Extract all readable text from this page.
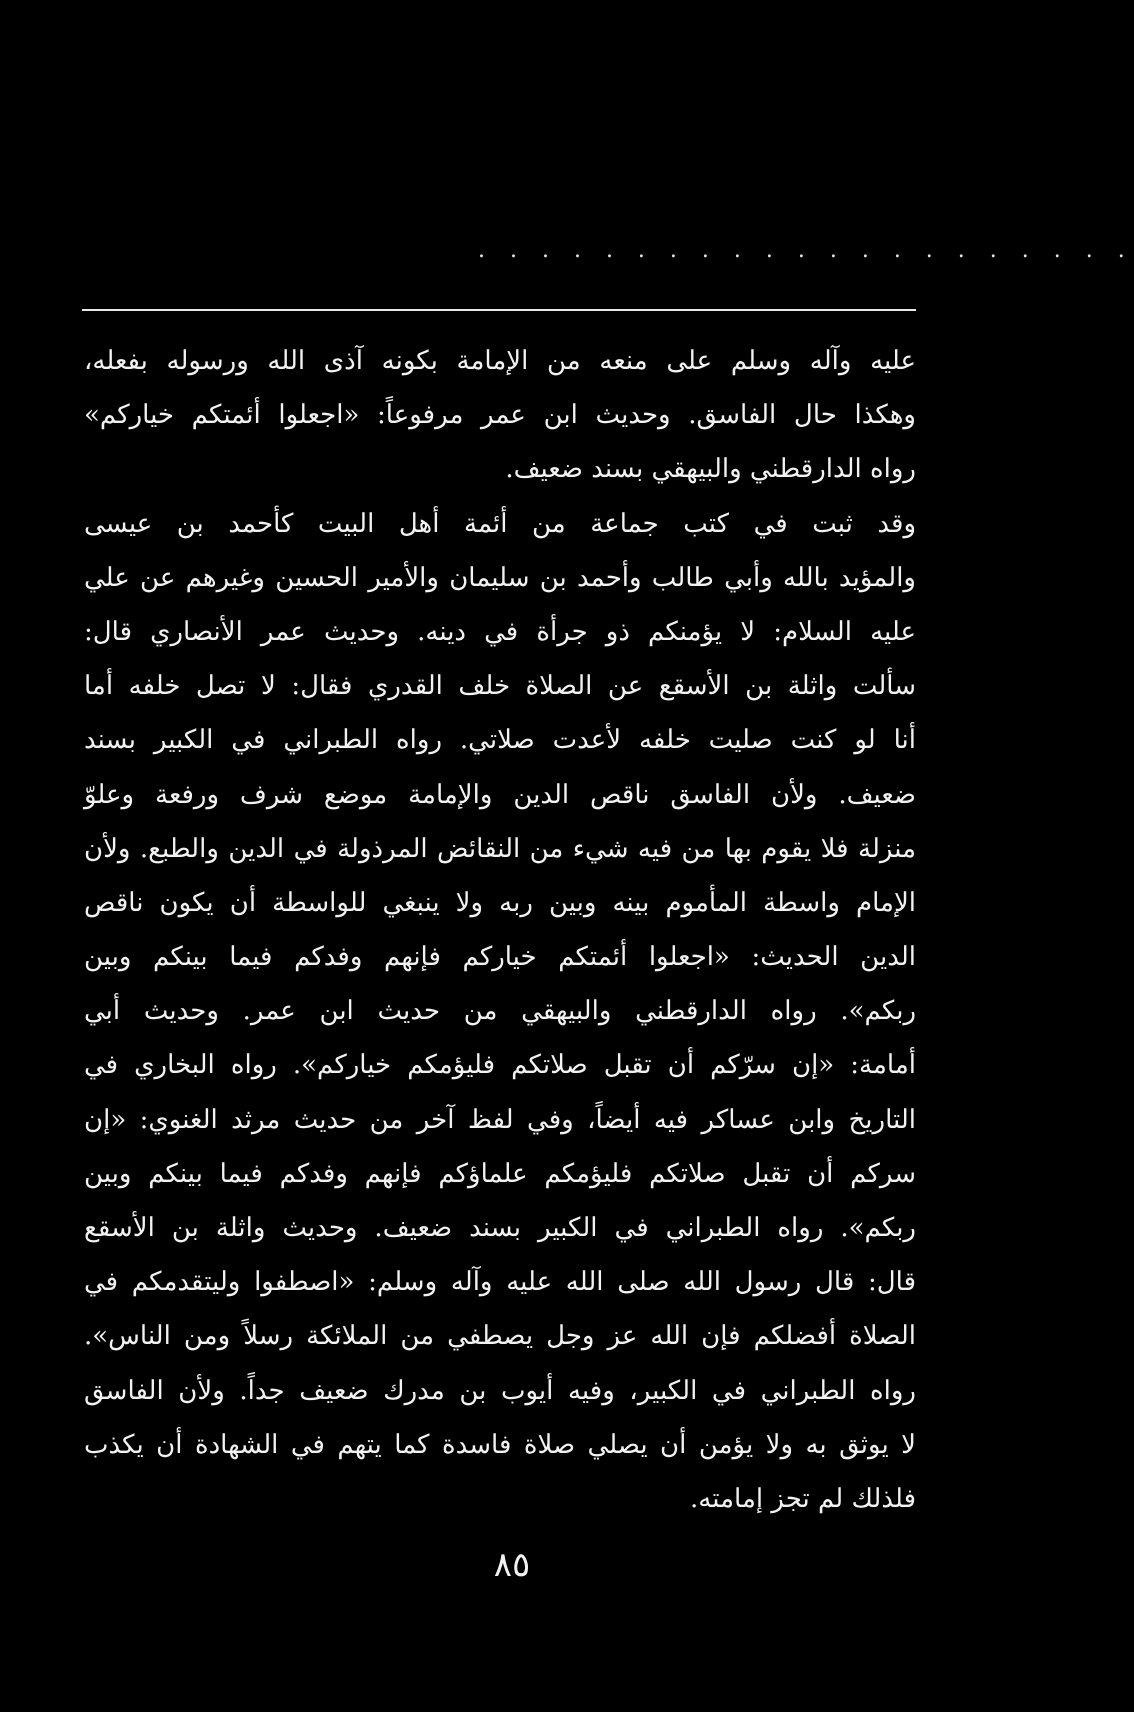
. . . . . . . . . . . . . . . . . . . . .
عليه وآله وسلم على منعه من الإمامة بكونه آذى الله ورسوله بفعله،
وهكذا حال الفاسق. وحديث ابن عمر مرفوعاً: «اجعلوا أئمتكم خياركم»
رواه الدارقطني والبيهقي بسند ضعيف.
وقد ثبت في كتب جماعة من أئمة أهل البيت كأحمد بن عيسى
والمؤيد بالله وأبي طالب وأحمد بن سليمان والأمير الحسين وغيرهم عن علي
عليه السلام: لا يؤمنكم ذو جرأة في دينه. وحديث عمر الأنصاري قال:
سألت واثلة بن الأسقع عن الصلاة خلف القدري فقال: لا تصل خلفه أما
أنا لو كنت صليت خلفه لأعدت صلاتي. رواه الطبراني في الكبير بسند
ضعيف. ولأن الفاسق ناقص الدين والإمامة موضع شرف ورفعة وعلوّ
منزلة فلا يقوم بها من فيه شيء من النقائض المرذولة في الدين والطبع. ولأن
الإمام واسطة المأموم بينه وبين ربه ولا ينبغي للواسطة أن يكون ناقص
الدين الحديث: «اجعلوا أئمتكم خياركم فإنهم وفدكم فيما بينكم وبين
ربكم». رواه الدارقطني والبيهقي من حديث ابن عمر. وحديث أبي
أمامة: «إن سرّكم أن تقبل صلاتكم فليؤمكم خياركم». رواه البخاري في
التاريخ وابن عساكر فيه أيضاً، وفي لفظ آخر من حديث مرثد الغنوي: «إن
سركم أن تقبل صلاتكم فليؤمكم علماؤكم فإنهم وفدكم فيما بينكم وبين
ربكم». رواه الطبراني في الكبير بسند ضعيف. وحديث واثلة بن الأسقع
قال: قال رسول الله صلى الله عليه وآله وسلم: «اصطفوا وليتقدمكم في
الصلاة أفضلكم فإن الله عز وجل يصطفي من الملائكة رسلاً ومن الناس».
رواه الطبراني في الكبير، وفيه أيوب بن مدرك ضعيف جداً. ولأن الفاسق
لا يوثق به ولا يؤمن أن يصلي صلاة فاسدة كما يتهم في الشهادة أن يكذب
فلذلك لم تجز إمامته.
٨٥
